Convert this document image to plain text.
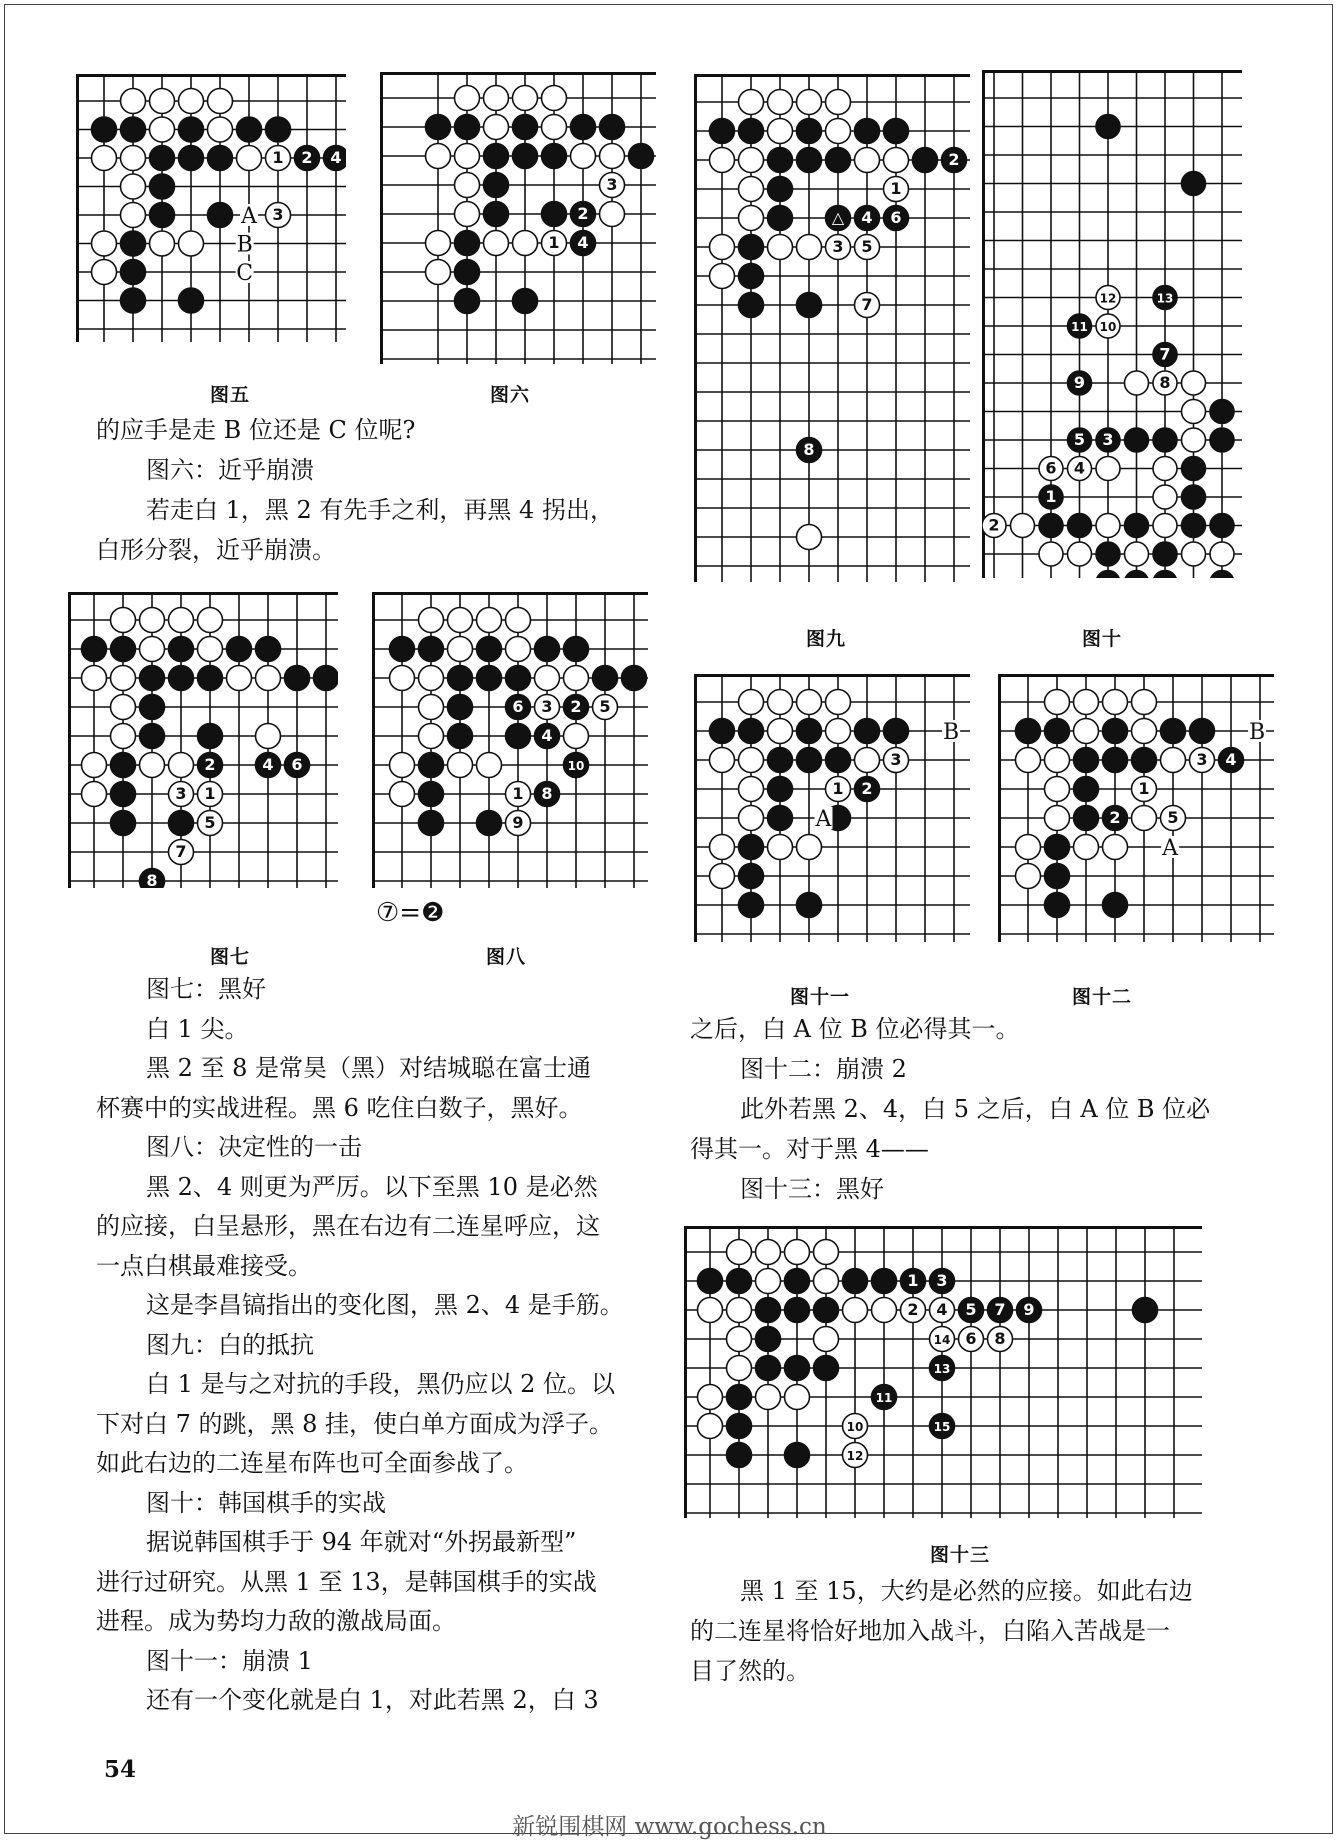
1 2 4
3
A
B
C
3
2
1 4
2	4 6
3 1
5
7
8
6 3 2 5
4
10
1 8
9
2
1
△ 4 6
3 5
7
8
12	13
11 10
7
9	8
5 3
6 4
1
2
3
1 2
B
A
3 4
1
2	5
B
A
1 3
2 4 5 7 9
14 6 8
13
11
10	15
12
图五	图六
图七	图八
⑦=❷
图九	图十
图十一	图十二
图十三
的应手是走 B 位还是 C 位呢?
图六：近乎崩溃
若走白 1，黑 2 有先手之利，再黑 4 拐出，
白形分裂，近乎崩溃。
图七：黑好
白 1 尖。
黑 2 至 8 是常昊（黑）对结城聪在富士通
杯赛中的实战进程。黑 6 吃住白数子，黑好。
图八：决定性的一击
黑 2、4 则更为严厉。以下至黑 10 是必然
的应接，白呈悬形，黑在右边有二连星呼应，这
一点白棋最难接受。
这是李昌镐指出的变化图，黑 2、4 是手筋。
图九：白的抵抗
白 1 是与之对抗的手段，黑仍应以 2 位。以
下对白 7 的跳，黑 8 挂，使白单方面成为浮子。
如此右边的二连星布阵也可全面参战了。
图十：韩国棋手的实战
据说韩国棋手于 94 年就对“外拐最新型”
进行过研究。从黑 1 至 13，是韩国棋手的实战
进程。成为势均力敌的激战局面。
图十一：崩溃 1
还有一个变化就是白 1，对此若黑 2，白 3
之后，白 A 位 B 位必得其一。
图十二：崩溃 2
此外若黑 2、4，白 5 之后，白 A 位 B 位必
得其一。对于黑 4——
图十三：黑好
黑 1 至 15，大约是必然的应接。如此右边
的二连星将恰好地加入战斗，白陷入苦战是一
目了然的。
54
新锐围棋网 www.gochess.cn
